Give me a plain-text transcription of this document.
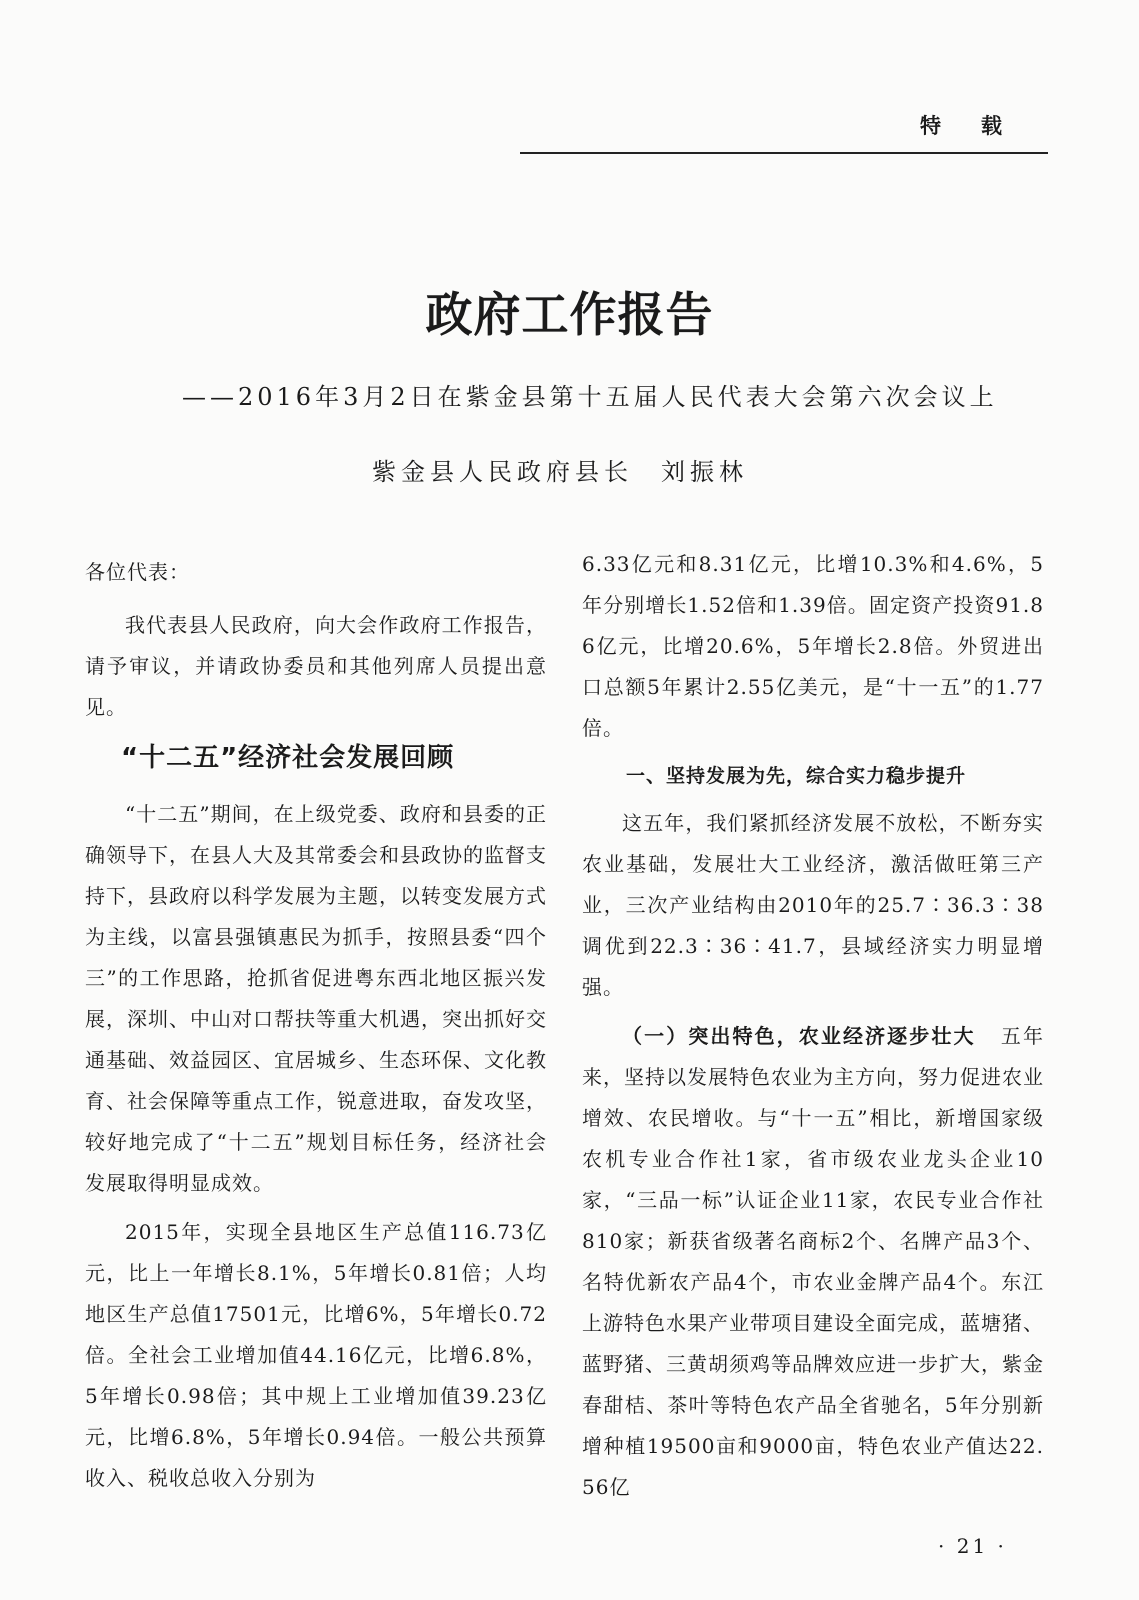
特载
政府工作报告
——2016年3月2日在紫金县第十五届人民代表大会第六次会议上
紫金县人民政府县长 刘振林

各位代表：

我代表县人民政府，向大会作政府工作报告，请予审议，并请政协委员和其他列席人员提出意见。

“十二五”经济社会发展回顾

“十二五”期间，在上级党委、政府和县委的正确领导下，在县人大及其常委会和县政协的监督支持下，县政府以科学发展为主题，以转变发展方式为主线，以富县强镇惠民为抓手，按照县委“四个三”的工作思路，抢抓省促进粤东西北地区振兴发展，深圳、中山对口帮扶等重大机遇，突出抓好交通基础、效益园区、宜居城乡、生态环保、文化教育、社会保障等重点工作，锐意进取，奋发攻坚，较好地完成了“十二五”规划目标任务，经济社会发展取得明显成效。

2015年，实现全县地区生产总值116.73亿元，比上一年增长8.1%，5年增长0.81倍；人均地区生产总值17501元，比增6%，5年增长0.72倍。全社会工业增加值44.16亿元，比增6.8%，5年增长0.98倍；其中规上工业增加值39.23亿元，比增6.8%，5年增长0.94倍。一般公共预算收入、税收总收入分别为

6.33亿元和8.31亿元，比增10.3%和4.6%，5年分别增长1.52倍和1.39倍。固定资产投资91.86亿元，比增20.6%，5年增长2.8倍。外贸进出口总额5年累计2.55亿美元，是“十一五”的1.77倍。

一、坚持发展为先，综合实力稳步提升

这五年，我们紧抓经济发展不放松，不断夯实农业基础，发展壮大工业经济，激活做旺第三产业，三次产业结构由2010年的25.7∶36.3∶38调优到22.3∶36∶41.7，县域经济实力明显增强。

（一）突出特色，农业经济逐步壮大 五年来，坚持以发展特色农业为主方向，努力促进农业增效、农民增收。与“十一五”相比，新增国家级农机专业合作社1家，省市级农业龙头企业10家，“三品一标”认证企业11家，农民专业合作社810家；新获省级著名商标2个、名牌产品3个、名特优新农产品4个，市农业金牌产品4个。东江上游特色水果产业带项目建设全面完成，蓝塘猪、蓝野猪、三黄胡须鸡等品牌效应进一步扩大，紫金春甜桔、茶叶等特色农产品全省驰名，5年分别新增种植19500亩和9000亩，特色农业产值达22.56亿

· 21 ·
